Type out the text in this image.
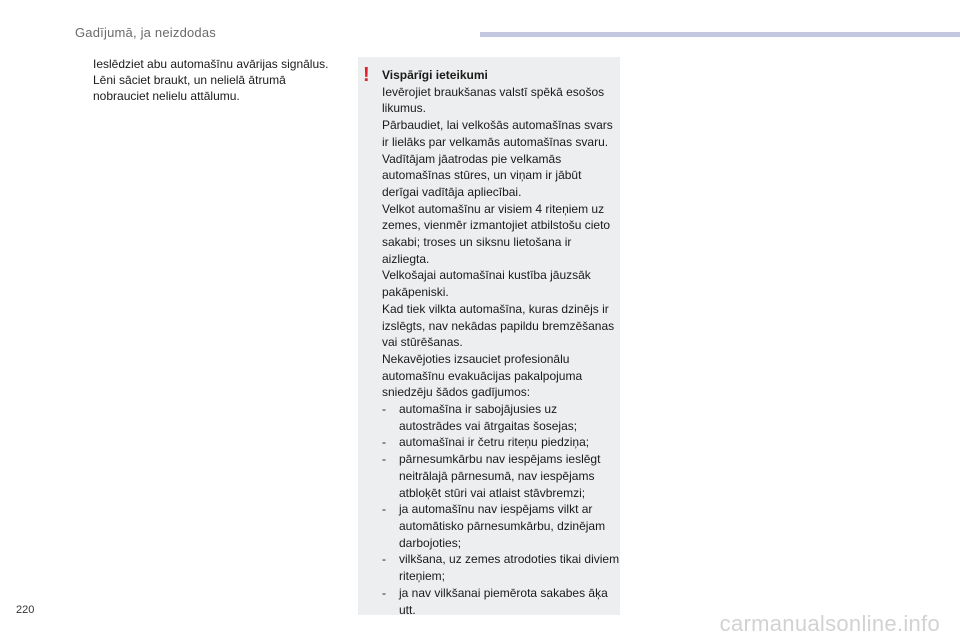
Gadījumā, ja neizdodas
Ieslēdziet abu automašīnu avārijas signālus.
Lēni sāciet braukt, un nelielā ātrumā nobrauciet nelielu attālumu.
! Vispārīgi ieteikumi

Ievērojiet braukšanas valstī spēkā esošos likumus.

Pārbaudiet, lai velkošās automašīnas svars ir lielāks par velkamās automašīnas svaru.

Vadītājam jāatrodas pie velkamās automašīnas stūres, un viņam ir jābūt derīgai vadītāja apliecībai.

Velkot automašīnu ar visiem 4 riteņiem uz zemes, vienmēr izmantojiet atbilstošu cieto sakabi; troses un siksnu lietošana ir aizliegta.

Velkošajai automašīnai kustība jāuzsāk pakāpeniski.

Kad tiek vilkta automašīna, kuras dzinējs ir izslēgts, nav nekādas papildu bremzēšanas vai stūrēšanas.

Nekavējoties izsauciet profesionālu automašīnu evakuācijas pakalpojuma sniedzēju šādos gadījumos:

- automašīna ir sabojājusies uz autostrādes vai ātrgaitas šosejas;
- automašīnai ir četru riteņu piedziņa;
- pārnesumkārbu nav iespējams ieslēgt neitrālajā pārnesumā, nav iespējams atbloķēt stūri vai atlaist stāvbremzi;
- ja automašīnu nav iespējams vilkt ar automātisko pārnesumkārbu, dzinējam darbojoties;
- vilkšana, uz zemes atrodoties tikai diviem riteņiem;
- ja nav vilkšanai piemērota sakabes āķa utt.
220
carmanualsonline.info
